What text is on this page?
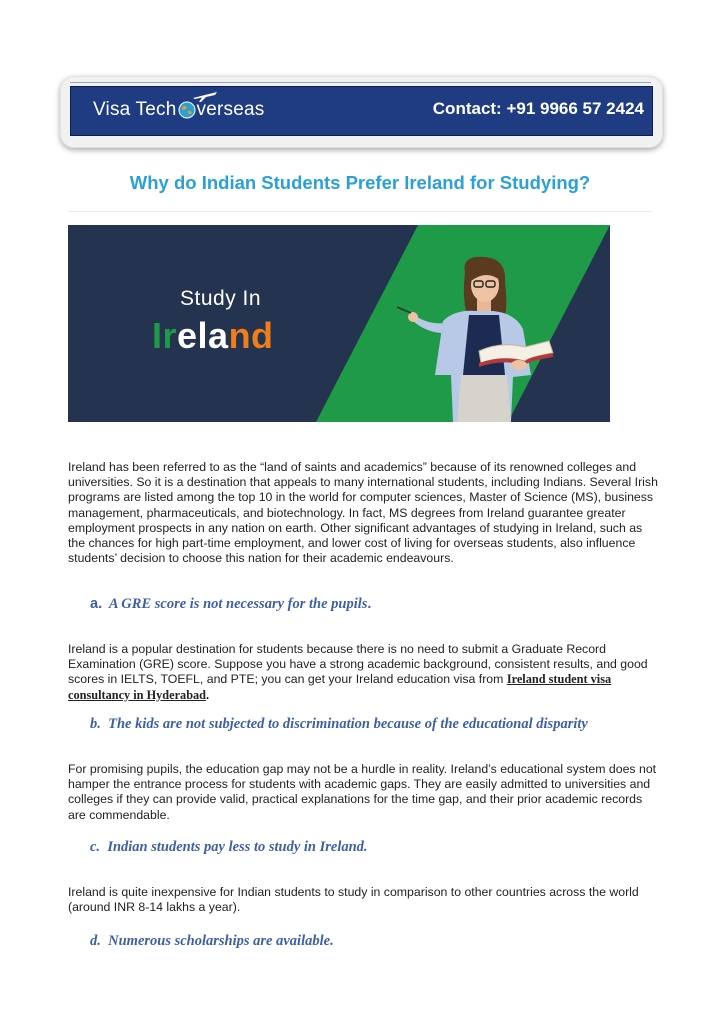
Visa Tech verseas	Contact: +91 9966 57 2424
Why do Indian Students Prefer Ireland for Studying?
Study In
Ireland

Ireland has been referred to as the “land of saints and academics” because of its renowned colleges and universities. So it is a destination that appeals to many international students, including Indians. Several Irish programs are listed among the top 10 in the world for computer sciences, Master of Science (MS), business management, pharmaceuticals, and biotechnology. In fact, MS degrees from Ireland guarantee greater employment prospects in any nation on earth. Other significant advantages of studying in Ireland, such as the chances for high part-time employment, and lower cost of living for overseas students, also influence students’ decision to choose this nation for their academic endeavours.

a. A GRE score is not necessary for the pupils.

Ireland is a popular destination for students because there is no need to submit a Graduate Record Examination (GRE) score. Suppose you have a strong academic background, consistent results, and good scores in IELTS, TOEFL, and PTE; you can get your Ireland education visa from Ireland student visa consultancy in Hyderabad.

b. The kids are not subjected to discrimination because of the educational disparity

For promising pupils, the education gap may not be a hurdle in reality. Ireland’s educational system does not hamper the entrance process for students with academic gaps. They are easily admitted to universities and colleges if they can provide valid, practical explanations for the time gap, and their prior academic records are commendable.

c. Indian students pay less to study in Ireland.

Ireland is quite inexpensive for Indian students to study in comparison to other countries across the world (around INR 8-14 lakhs a year).

d. Numerous scholarships are available.
